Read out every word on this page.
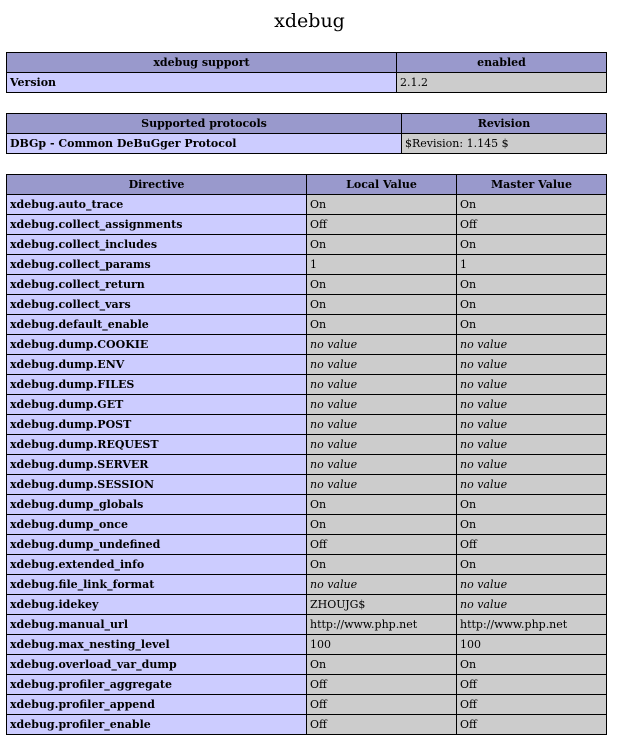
xdebug
xdebug support	enabled
Version	2.1.2
Supported protocols	Revision
DBGp - Common DeBuGger Protocol	$Revision: 1.145 $
Directive	Local Value	Master Value
xdebug.auto_trace	On	On
xdebug.collect_assignments	Off	Off
xdebug.collect_includes	On	On
xdebug.collect_params	1	1
xdebug.collect_return	On	On
xdebug.collect_vars	On	On
xdebug.default_enable	On	On
xdebug.dump.COOKIE	no value	no value
xdebug.dump.ENV	no value	no value
xdebug.dump.FILES	no value	no value
xdebug.dump.GET	no value	no value
xdebug.dump.POST	no value	no value
xdebug.dump.REQUEST	no value	no value
xdebug.dump.SERVER	no value	no value
xdebug.dump.SESSION	no value	no value
xdebug.dump_globals	On	On
xdebug.dump_once	On	On
xdebug.dump_undefined	Off	Off
xdebug.extended_info	On	On
xdebug.file_link_format	no value	no value
xdebug.idekey	ZHOUJG$	no value
xdebug.manual_url	http://www.php.net	http://www.php.net
xdebug.max_nesting_level	100	100
xdebug.overload_var_dump	On	On
xdebug.profiler_aggregate	Off	Off
xdebug.profiler_append	Off	Off
xdebug.profiler_enable	Off	Off
